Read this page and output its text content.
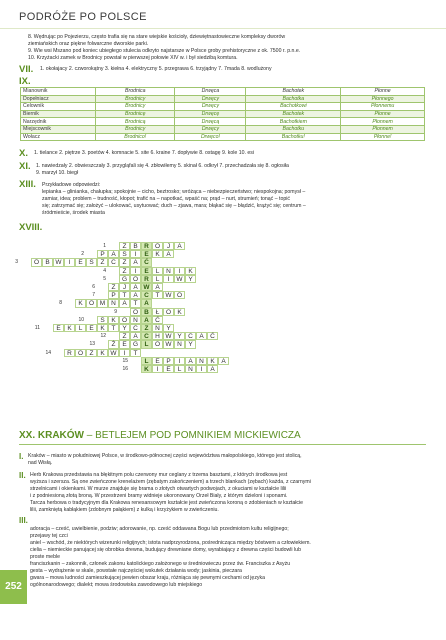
PODRÓŻE PO POLSCE
8. Wędrując po Pojezierzu, często trafia się na stare wiejskie kościoły, dziewiętnastowieczne kompleksy dworów
ziemiańskich oraz piękne folwarczne dworskie parki.
9. Wie wsi Mszano pod koniec ubiegłego stulecia odkryto najstarsze w Polsce groby prehistoryczne z ok. 7500 r. p.n.e.
10. Krzyżacki zamek w Brodnicy powstał w pierwszej połowie XIV w. i był siedzibą komtura.
VII. 1. okołajacy 2. czworokątny 3. kiełna 4. elektryczny 5. przegrawa 6. trzyjądny 7. 7mada 8. wodlużony
IX.
Mianownik	Brodnica	Drwęca	Bachotek	Płonne
Dopełniacz	Brodnicy	Drwęcy	Bachotka	Płonnego
Celownik	Brodnicy	Drwęcy	Bachotkowi	Płonnemu
Biernik	Brodnicę	Drwęcę	Bachotek	Płonne
Narzędnik	Brodnicą	Drwęcą	Bachotkiem	Płonnem
Miejscownik	Brodnicy	Drwęcy	Bachotku	Płonnem
Wołacz	Brodnico!	Drwęco!	Bachotku!	Płonne!
X. 1. tielance 2. piętrze 3. poetów 4. komnacie 5. site 6. kraine 7. dopływie 8. ostagę 9. kole 10. esi
XI. 1. nawiedzały 2. obwieszczały 3. przygląfali się 4. zbłowiłemy 5. skinał 6. odkrył 7. przechadzała się 8. ogłosiła
9. marzył 10. biegł
XIII. Przykładowe odpowiedzi:
lepianka – glinianka, chałupka; spokojnie – cicho, beztrosko; wróżąca – niebezpieczeństwo; niespokojna; pomysł –
zamiar, idea; problem – trudność, kłopot; trafić na – napotkać, wpaść na; prąd – nurt, strumień; tonąć – topić
się; zatrzymać się; założyć – ulokować, usytuować; duch – zjawa, mara; błąkać się – błądzić, krążyć się; centrum –
śródmieście, środek miasta
XVIII.
1	Z	B R O	J	A
2	P	A	S	I	E	K	A
3	O B W	I	E	S	Z	C	Z	A Ć
4	Z	I	E	L	N	I	K
5	G O R	L	I	W Y
6	Z	J	A W A
7	P	T	A C	T W O
8	K O M N A	T	A
9	O B	Ł	O K
10	S	K O N A Ć
11	E	K	L	E	K	T	Y C	Z	N Y
12	Z	A C H W Y C A Ć
13	Ż	E G L O W N Y
14	R O Z	K W	I	T
15	L	E	P	I	A N K	A
16	K	I	E	L	N	I	A
XX. KRAKÓW – BETLEJEM POD POMNIKIEM MICKIEWICZA
I. Kraków – miasto w południowej Polsce, w środkowo-północnej części województwa małopolskiego, którego jest stolicą,
nad Wisłą.
II. Herb Krakowa przedstawia na błękitnym polu czerwony mur ceglany z trzema basztami, z których środkowa jest
wyższa i szersza. Są one zwieńczone krenelażem (zębatym zakończeniem) a trzech blankach (zębach) każda, z czarnymi
strzelnicami i okienkami. W murze znajduje się brama o złotych otwartych podwojach, z okuciami w kształcie lilii
i z podniesioną złotą broną. W przestrzeni bramy widnieje ukoronowany Orzeł Biały, z którym dzieloni i sponami.
Tarcza herbowa o tradycyjnym dla Krakowa renesansowym kształcie jest zwieńczona koroną o zdobieniach w kształcie
lilii, zamkniętą kabłąkiem (zdobnym pałąkiem) z kulką i krzyżykiem w zwieńczeniu.
III.
adoracja – cześć, uwielbienie, podziw; adorowanie, np. cześć oddawana Bogu lub przedmiotom kultu religijnego;
przejawy tej czci
aniel – wschód, że niektórych wizerunki religijnych; istota nadprzyrodzona, pośrednicząca między bóstwem a człowiekiem.
cielia – niemieckie panującej się obrobka drewna, budujący drewniane domy, wyrabiający z drewna części budowli lub
proste meble
franciszkanin – zakonnik, członek zakonu katolickiego założonego w średniowieczu przez św. Franciszka z Asyżu
gesta – wydrążenie w skale, powstałe najczęściej wskutek działania wody; jaskinia, pieczara
gwara – mowa ludności zamieszkującej pewien obszar kraju, różniąca się pewnymi cechami od języka
ogólnonarodowego; dialekt; mowa środowiska zawodowego lub miejskiego
252
